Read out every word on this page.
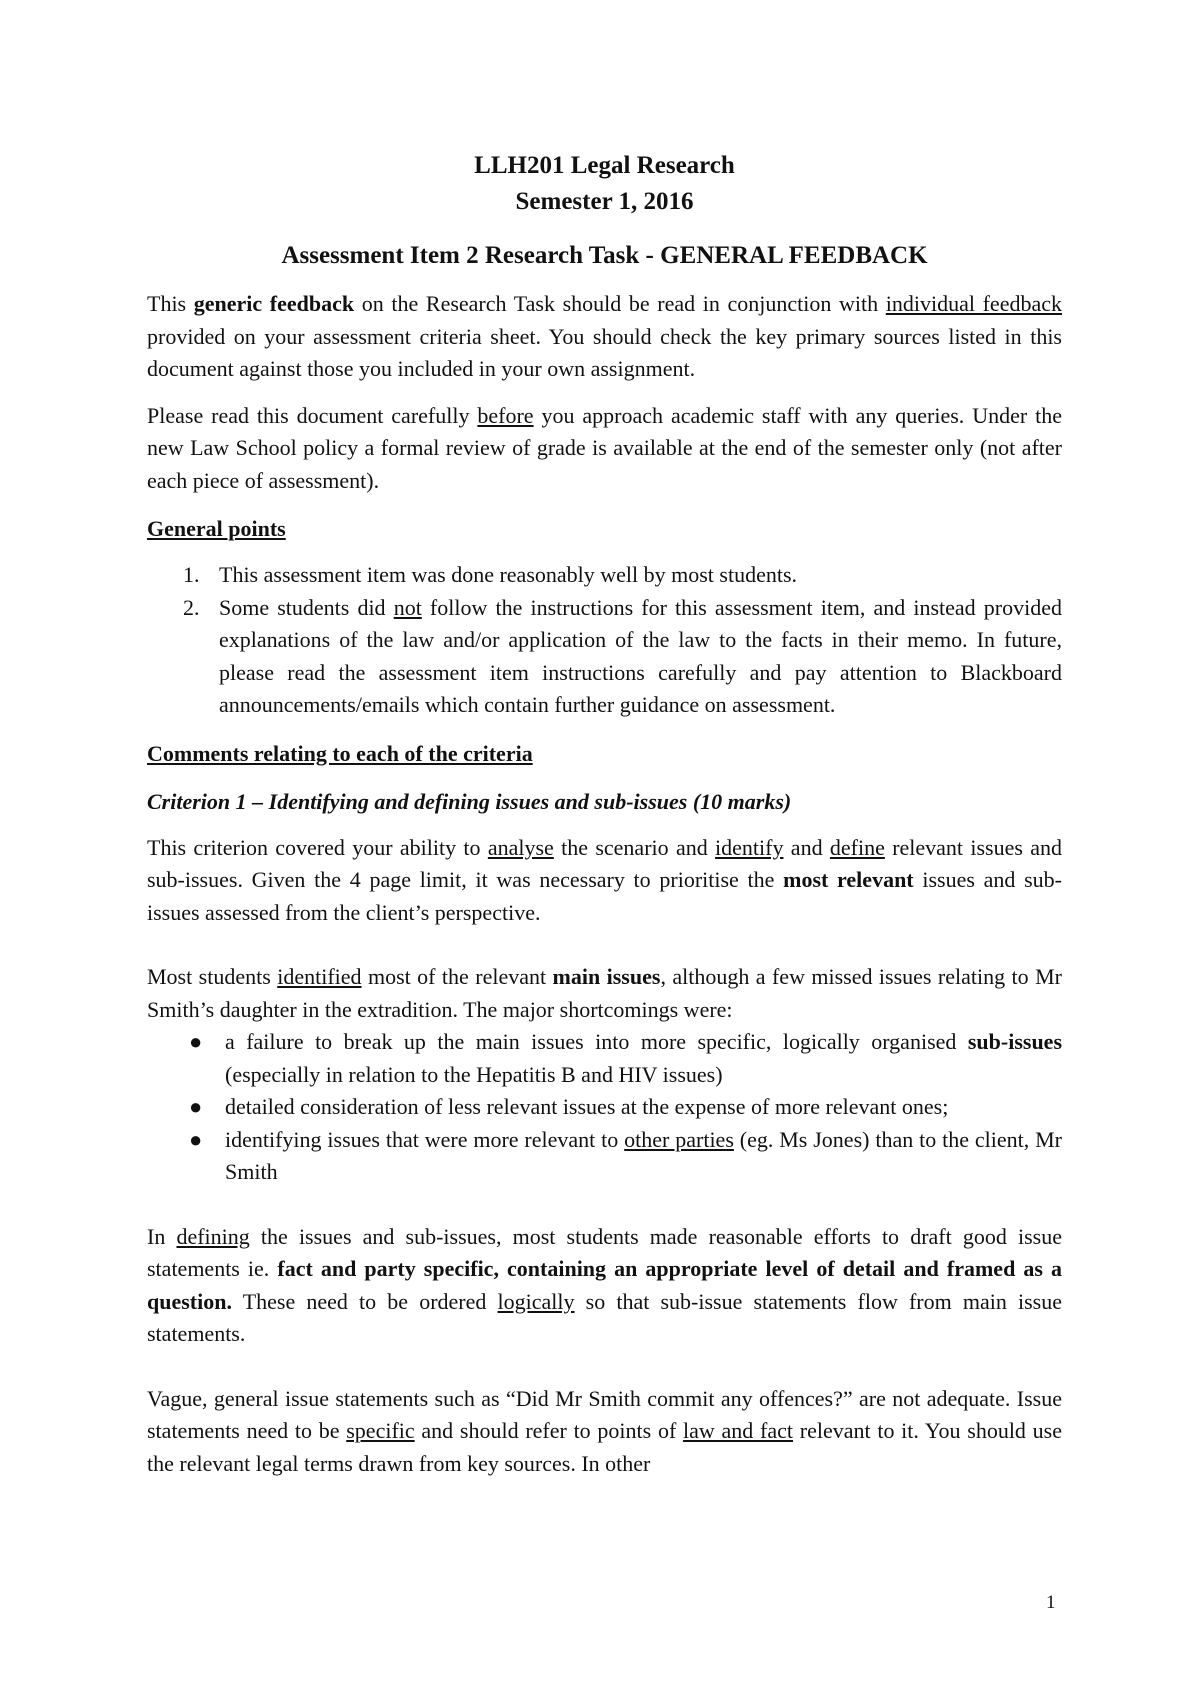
LLH201 Legal Research
Semester 1, 2016
Assessment Item 2 Research Task - GENERAL FEEDBACK

This generic feedback on the Research Task should be read in conjunction with individual feedback provided on your assessment criteria sheet. You should check the key primary sources listed in this document against those you included in your own assignment.

Please read this document carefully before you approach academic staff with any queries. Under the new Law School policy a formal review of grade is available at the end of the semester only (not after each piece of assessment).

General points
1. This assessment item was done reasonably well by most students.
2. Some students did not follow the instructions for this assessment item, and instead provided explanations of the law and/or application of the law to the facts in their memo. In future, please read the assessment item instructions carefully and pay attention to Blackboard announcements/emails which contain further guidance on assessment.
Comments relating to each of the criteria
Criterion 1 – Identifying and defining issues and sub-issues (10 marks)

This criterion covered your ability to analyse the scenario and identify and define relevant issues and sub-issues. Given the 4 page limit, it was necessary to prioritise the most relevant issues and sub-issues assessed from the client’s perspective.

Most students identified most of the relevant main issues, although a few missed issues relating to Mr Smith’s daughter in the extradition. The major shortcomings were:

● a failure to break up the main issues into more specific, logically organised sub-issues (especially in relation to the Hepatitis B and HIV issues)
● detailed consideration of less relevant issues at the expense of more relevant ones;
● identifying issues that were more relevant to other parties (eg. Ms Jones) than to the client, Mr Smith

In defining the issues and sub-issues, most students made reasonable efforts to draft good issue statements ie. fact and party specific, containing an appropriate level of detail and framed as a question. These need to be ordered logically so that sub-issue statements flow from main issue statements.

Vague, general issue statements such as “Did Mr Smith commit any offences?” are not adequate. Issue statements need to be specific and should refer to points of law and fact relevant to it. You should use the relevant legal terms drawn from key sources. In other

1
